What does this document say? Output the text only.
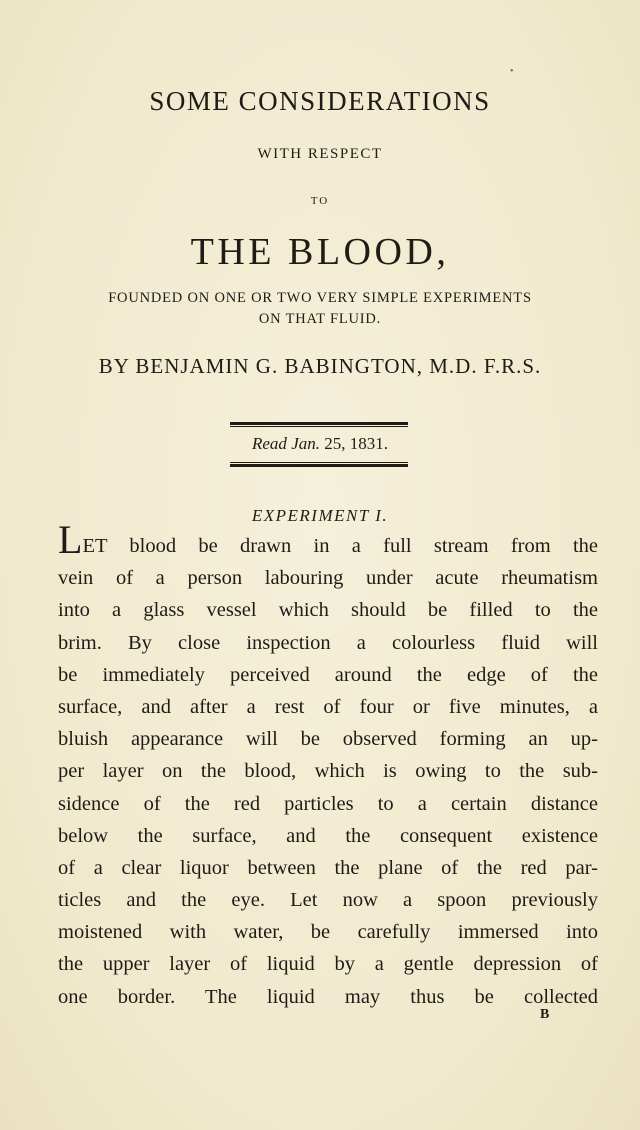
•
SOME CONSIDERATIONS
WITH RESPECT
TO
THE BLOOD,
FOUNDED ON ONE OR TWO VERY SIMPLE EXPERIMENTS
ON THAT FLUID.
BY BENJAMIN G. BABINGTON, M.D. F.R.S.
Read Jan. 25, 1831.
EXPERIMENT I.
LET blood be drawn in a full stream from the
vein of a person labouring under acute rheumatism
into a glass vessel which should be filled to the
brim. By close inspection a colourless fluid will
be immediately perceived around the edge of the
surface, and after a rest of four or five minutes, a
bluish appearance will be observed forming an up-
per layer on the blood, which is owing to the sub-
sidence of the red particles to a certain distance
below the surface, and the consequent existence
of a clear liquor between the plane of the red par-
ticles and the eye. Let now a spoon previously
moistened with water, be carefully immersed into
the upper layer of liquid by a gentle depression of
one border. The liquid may thus be collected
B
